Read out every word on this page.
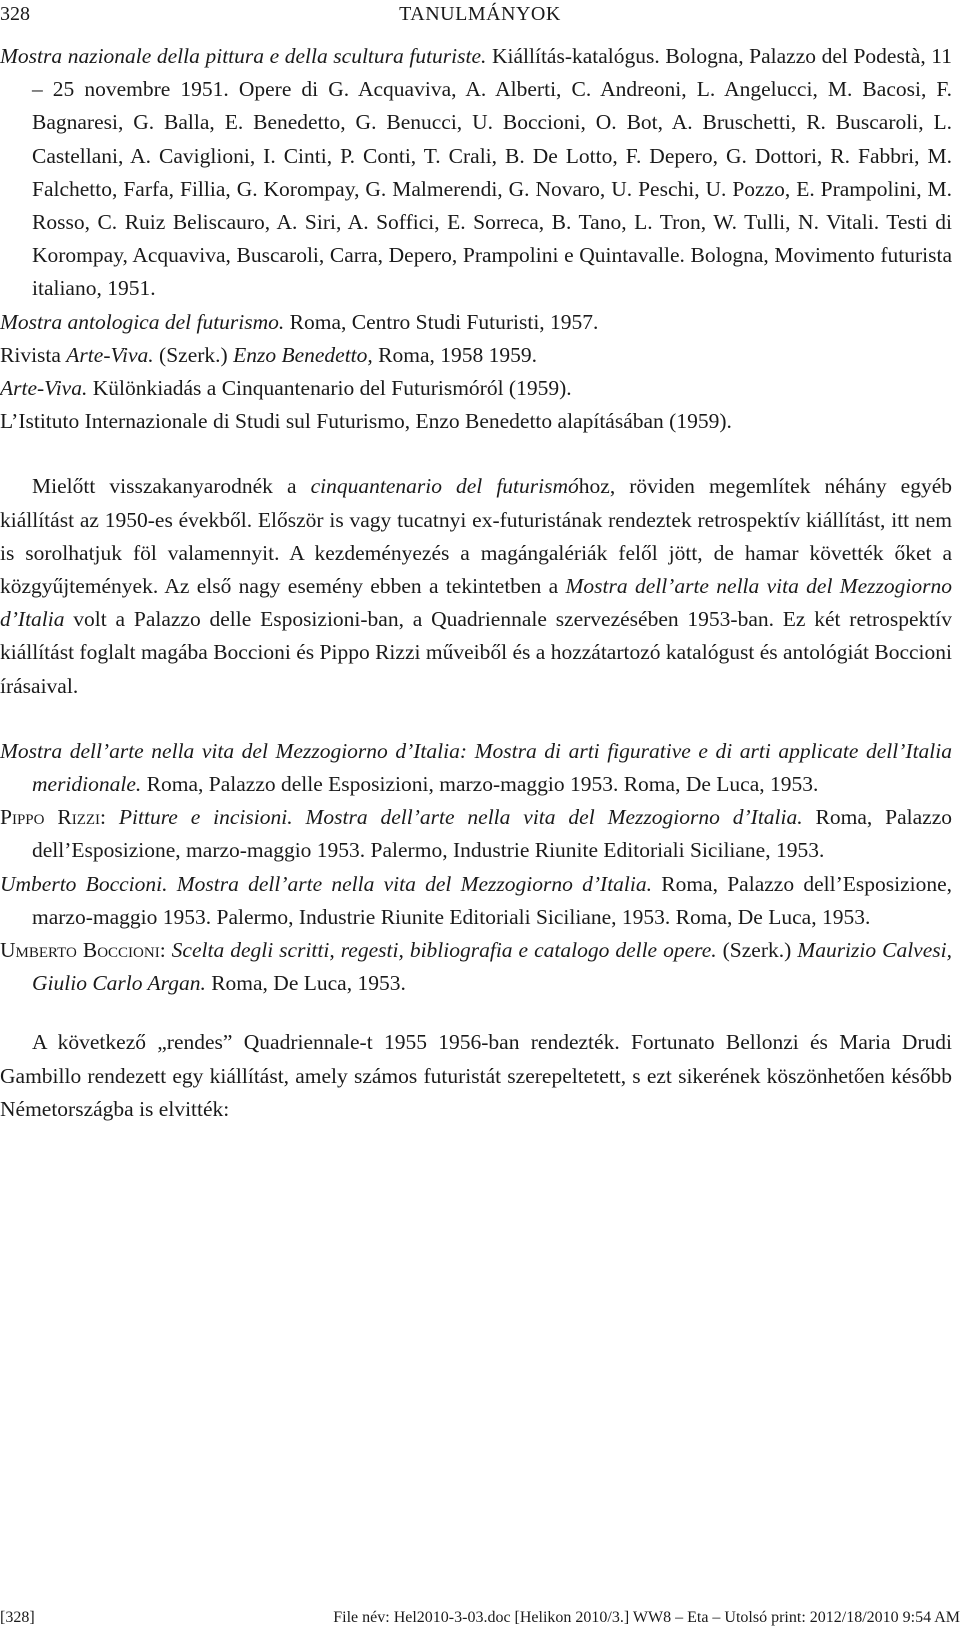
328	TANULMÁNYOK

Mostra nazionale della pittura e della scultura futuriste. Kiállítás-katalógus. Bologna, Palazzo del Podestà, 11 – 25 novembre 1951. Opere di G. Acquaviva, A. Alberti, C. Andreoni, L. Angelucci, M. Bacosi, F. Bagnaresi, G. Balla, E. Benedetto, G. Benucci, U. Boccioni, O. Bot, A. Bruschetti, R. Buscaroli, L. Castellani, A. Caviglioni, I. Cinti, P. Conti, T. Crali, B. De Lotto, F. Depero, G. Dottori, R. Fabbri, M. Falchetto, Farfa, Fillia, G. Korompay, G. Malmerendi, G. Novaro, U. Peschi, U. Pozzo, E. Prampolini, M. Rosso, C. Ruiz Beliscauro, A. Siri, A. Soffici, E. Sorreca, B. Tano, L. Tron, W. Tulli, N. Vitali. Testi di Korompay, Acquaviva, Buscaroli, Carra, Depero, Prampolini e Quintavalle. Bologna, Movimento futurista italiano, 1951.

Mostra antologica del futurismo. Roma, Centro Studi Futuristi, 1957.

Rivista Arte-Viva. (Szerk.) Enzo Benedetto, Roma, 1958 1959.

Arte-Viva. Különkiadás a Cinquantenario del Futurismóról (1959).

L’Istituto Internazionale di Studi sul Futurismo, Enzo Benedetto alapításában (1959).

Mielőtt visszakanyarodnék a cinquantenario del futurismóhoz, röviden megemlítek néhány egyéb kiállítást az 1950-es évekből. Először is vagy tucatnyi ex-futuristának rendeztek retrospektív kiállítást, itt nem is sorolhatjuk föl valamennyit. A kezdeményezés a magángalériák felől jött, de hamar követték őket a közgyűjtemények. Az első nagy esemény ebben a tekintetben a Mostra dell’arte nella vita del Mezzogiorno d’Italia volt a Palazzo delle Esposizioni-ban, a Quadriennale szervezésében 1953-ban. Ez két retrospektív kiállítást foglalt magába Boccioni és Pippo Rizzi műveiből és a hozzátartozó katalógust és antológiát Boccioni írásaival.

Mostra dell’arte nella vita del Mezzogiorno d’Italia: Mostra di arti figurative e di arti applicate dell’Italia meridionale. Roma, Palazzo delle Esposizioni, marzo-maggio 1953. Roma, De Luca, 1953.

Pippo Rizzi: Pitture e incisioni. Mostra dell’arte nella vita del Mezzogiorno d’Italia. Roma, Palazzo dell’Esposizione, marzo-maggio 1953. Palermo, Industrie Riunite Editoriali Siciliane, 1953.

Umberto Boccioni. Mostra dell’arte nella vita del Mezzogiorno d’Italia. Roma, Palazzo dell’Esposizione, marzo-maggio 1953. Palermo, Industrie Riunite Editoriali Siciliane, 1953. Roma, De Luca, 1953.

Umberto Boccioni: Scelta degli scritti, regesti, bibliografia e catalogo delle opere. (Szerk.) Maurizio Calvesi, Giulio Carlo Argan. Roma, De Luca, 1953.

A következő „rendes” Quadriennale-t 1955 1956-ban rendezték. Fortunato Bellonzi és Maria Drudi Gambillo rendezett egy kiállítást, amely számos futuristát szerepeltetett, s ezt sikerének köszönhetően később Németországba is elvitték:

[328]	File név: Hel2010-3-03.doc [Helikon 2010/3.] WW8 – Eta – Utolsó print: 2012/18/2010 9:54 AM
